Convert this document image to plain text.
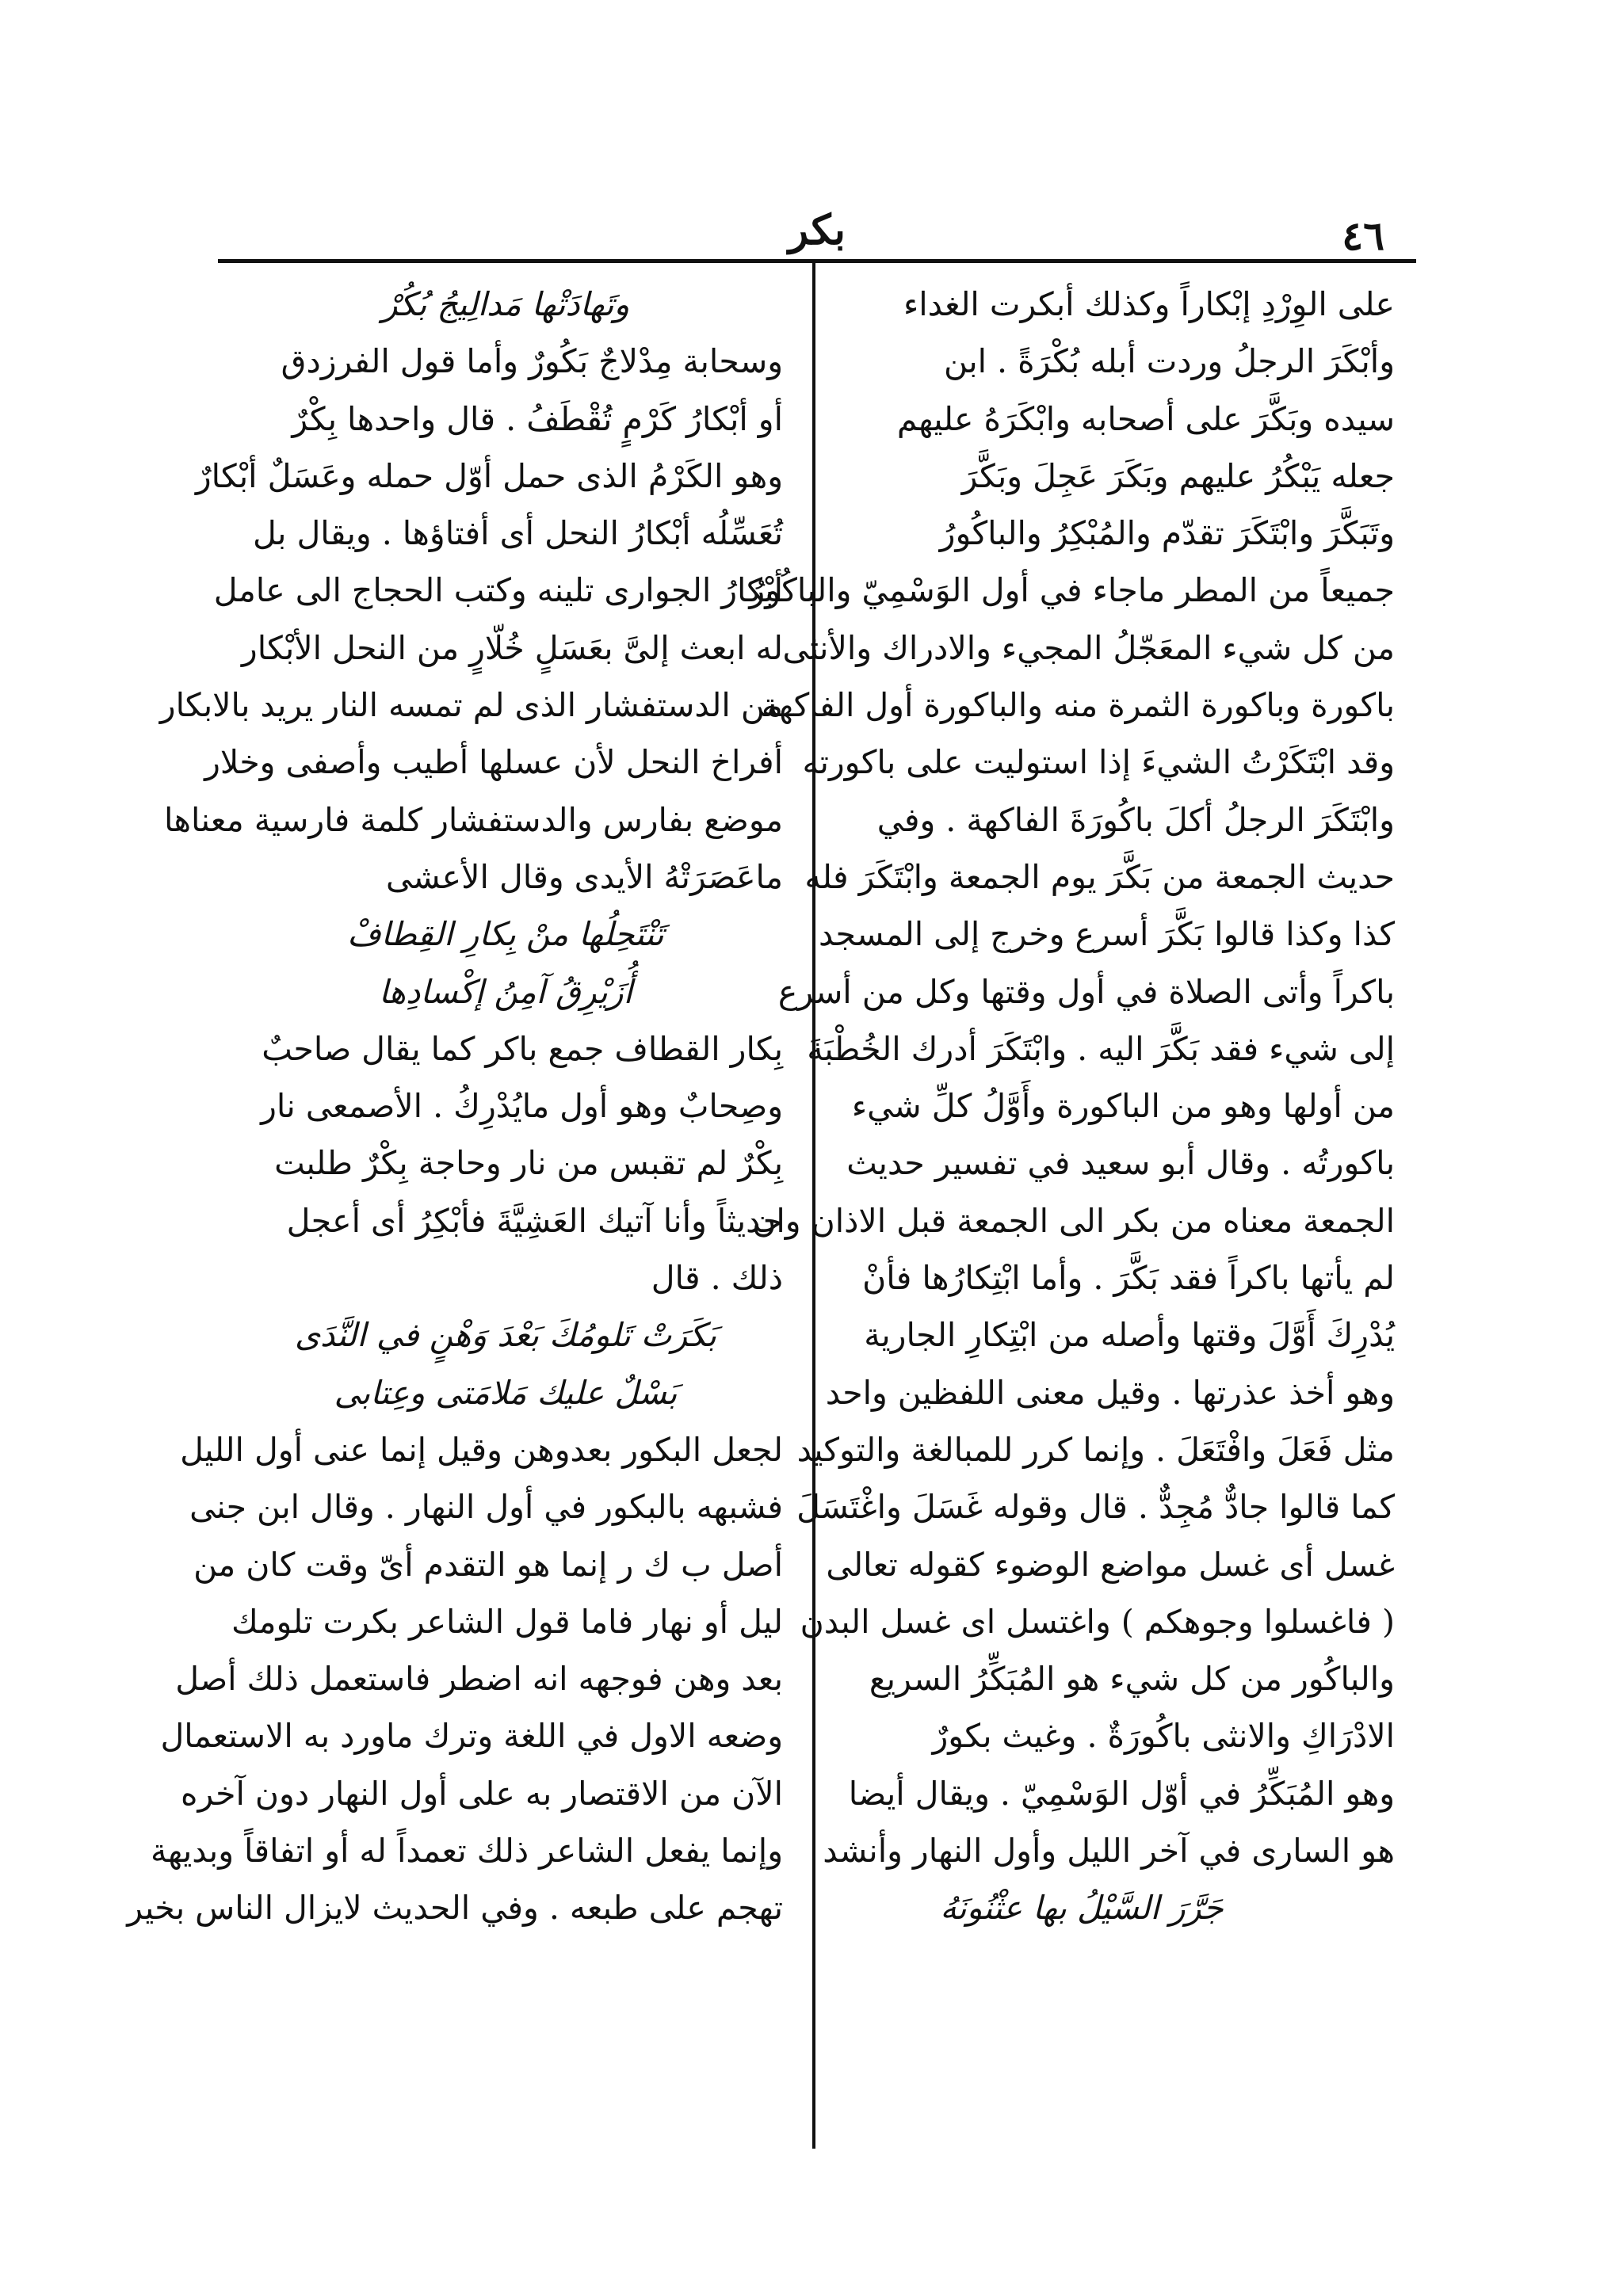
بكر	٤٦
على الوِرْدِ إبْكاراً وكذلك أبكرت الغداء
وأبْكَرَ الرجلُ وردت أبله بُكْرَةً . ابن
سيده وبَكَّرَ على أصحابه وابْكَرَهُ عليهم
جعله يَبْكُرُ عليهم وبَكَرَ عَجِلَ وبَكَّرَ
وتَبَكَّرَ وابْتَكَرَ تقدّم والمُبْكِرُ والباكُورُ
جميعاً من المطر ماجاء في أول الوَسْمِيّ والباكُورُ
من كل شيء المعَجّلُ المجيء والادراك والأنثى
باكورة وباكورة الثمرة منه والباكورة أول الفاكهة
وقد ابْتَكَرْتُ الشيءَ إذا استوليت على باكورته
وابْتَكَرَ الرجلُ أكلَ باكُورَةَ الفاكهة . وفي
حديث الجمعة من بَكَّرَ يوم الجمعة وابْتَكَرَ فله
كذا وكذا قالوا بَكَّرَ أسرع وخرج إلى المسجد
باكراً وأتى الصلاة في أول وقتها وكل من أسرع
إلى شيء فقد بَكَّرَ اليه . وابْتَكَرَ أدرك الخُطْبَةَ
من أولها وهو من الباكورة وأَوَّلُ كلِّ شيء
باكورتُه . وقال أبو سعيد في تفسير حديث
الجمعة معناه من بكر الى الجمعة قبل الاذان وان
لم يأتها باكراً فقد بَكَّرَ . وأما ابْتِكارُها فأنْ
يُدْرِكَ أَوَّلَ وقتها وأصله من ابْتِكارِ الجارية
وهو أخذ عذرتها . وقيل معنى اللفظين واحد
مثل فَعَلَ وافْتَعَلَ . وإنما كرر للمبالغة والتوكيد
كما قالوا جادٌّ مُجِدٌّ . قال وقوله غَسَلَ واغْتَسَلَ
غسل أى غسل مواضع الوضوء كقوله تعالى
( فاغسلوا وجوهكم ) واغتسل اى غسل البدن
والباكُور من كل شيء هو المُبَكِّرُ السريع
الادْرَاكِ والانثى باكُورَةٌ . وغيث بكورٌ
وهو المُبَكِّرُ في أوّل الوَسْمِيّ . ويقال أيضا
هو السارى في آخر الليل وأول النهار وأنشد
جَرَّرَ السَّيْلُ بها عثْنُونَهُ
وتَهادَتْها مَدالِيجُ بُكُرْ
وسحابة مِدْلاجٌ بَكُورٌ وأما قول الفرزدق
أو أبْكارُ كَرْمٍ تُقْطَفُ . قال واحدها بِكْرٌ
وهو الكَرْمُ الذى حمل أوّل حمله وعَسَلٌ أبْكارٌ
تُعَسِّلُه أبْكارُ النحل أى أفتاؤها . ويقال بل
أبْكارُ الجوارى تلينه وكتب الحجاج الى عامل
له ابعث إلىَّ بعَسَلٍ خُلّارٍ من النحل الأبْكار
من الدستفشار الذى لم تمسه النار يريد بالابكار
أفراخ النحل لأن عسلها أطيب وأصفى وخلار
موضع بفارس والدستفشار كلمة فارسية معناها
ماعَصَرَتْهُ الأيدى وقال الأعشى
تَنْتَحِلُها منْ بِكارِ القِطافْ
أُزَيْرِقُ آمِنُ إكْسادِها
بِكار القطاف جمع باكر كما يقال صاحبٌ
وصِحابٌ وهو أول مايُدْرِكُ . الأصمعى نار
بِكْرٌ لم تقبس من نار وحاجة بِكْرٌ طلبت
حديثاً وأنا آتيك العَشِيَّةَ فأبْكِرُ أى أعجل
ذلك . قال
بَكَرَتْ تَلومُكَ بَعْدَ وَهْنٍ في النَّدَى
بَسْلٌ عليك مَلامَتى وعِتابى
لجعل البكور بعدوهن وقيل إنما عنى أول الليل
فشبهه بالبكور في أول النهار . وقال ابن جنى
أصل ب ك ر إنما هو التقدم أىّ وقت كان من
ليل أو نهار فاما قول الشاعر بكرت تلومك
بعد وهن فوجهه انه اضطر فاستعمل ذلك أصل
وضعه الاول في اللغة وترك ماورد به الاستعمال
الآن من الاقتصار به على أول النهار دون آخره
وإنما يفعل الشاعر ذلك تعمداً له أو اتفاقاً وبديهة
تهجم على طبعه . وفي الحديث لايزال الناس بخير
